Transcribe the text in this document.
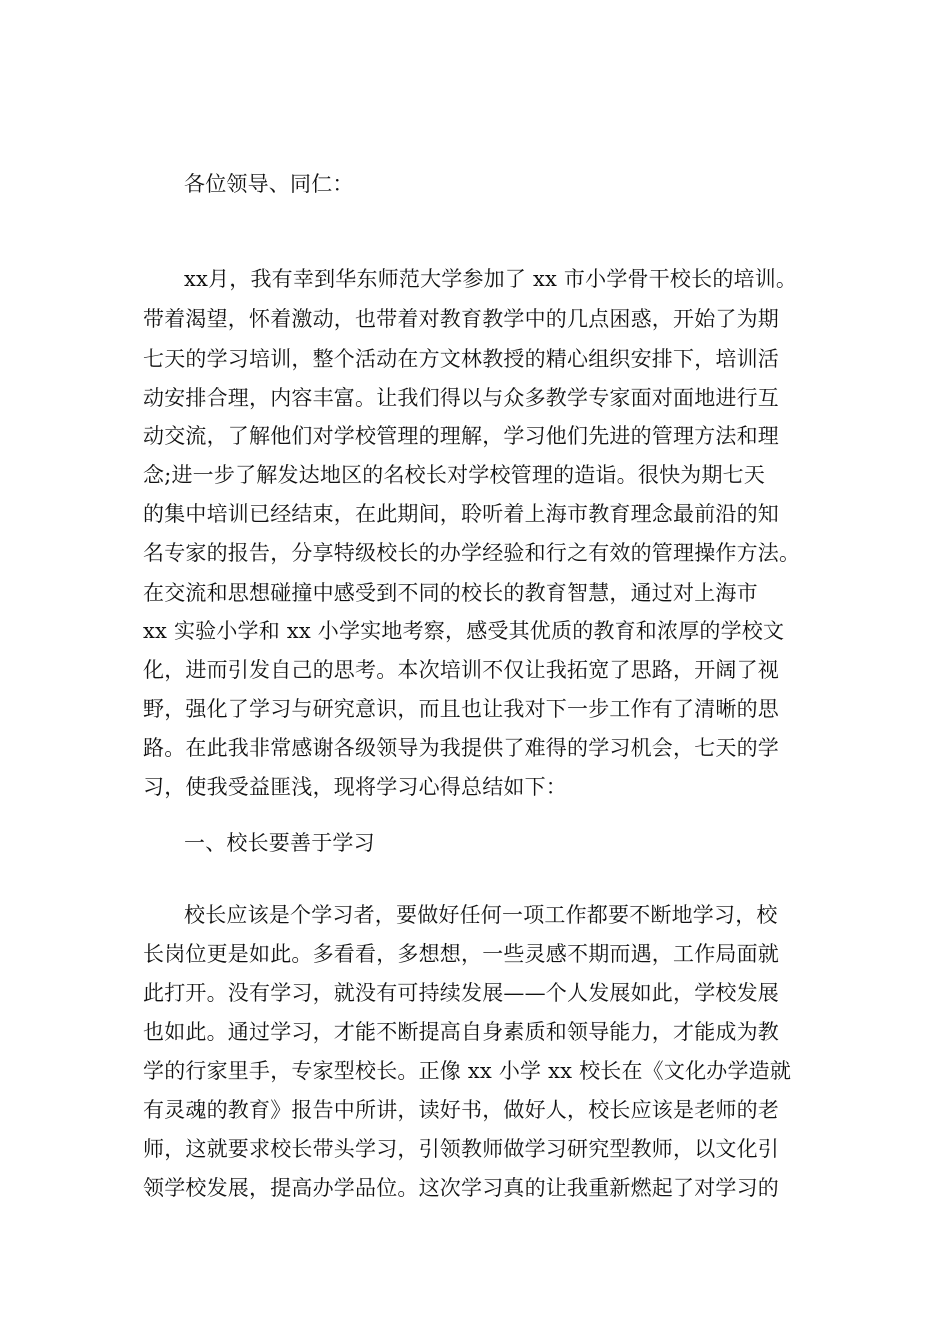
各位领导、同仁：
xx月，我有幸到华东师范大学参加了 xx 市小学骨干校长的培训。
带着渴望，怀着激动，也带着对教育教学中的几点困惑，开始了为期
七天的学习培训，整个活动在方文林教授的精心组织安排下，培训活
动安排合理，内容丰富。让我们得以与众多教学专家面对面地进行互
动交流，了解他们对学校管理的理解，学习他们先进的管理方法和理
念;进一步了解发达地区的名校长对学校管理的造诣。很快为期七天
的集中培训已经结束，在此期间，聆听着上海市教育理念最前沿的知
名专家的报告，分享特级校长的办学经验和行之有效的管理操作方法。
在交流和思想碰撞中感受到不同的校长的教育智慧，通过对上海市
xx 实验小学和 xx 小学实地考察，感受其优质的教育和浓厚的学校文
化，进而引发自己的思考。本次培训不仅让我拓宽了思路，开阔了视
野，强化了学习与研究意识，而且也让我对下一步工作有了清晰的思
路。在此我非常感谢各级领导为我提供了难得的学习机会，七天的学
习，使我受益匪浅，现将学习心得总结如下：
一、校长要善于学习
校长应该是个学习者，要做好任何一项工作都要不断地学习，校
长岗位更是如此。多看看，多想想，一些灵感不期而遇，工作局面就
此打开。没有学习，就没有可持续发展——个人发展如此，学校发展
也如此。通过学习，才能不断提高自身素质和领导能力，才能成为教
学的行家里手，专家型校长。正像 xx 小学 xx 校长在《文化办学造就
有灵魂的教育》报告中所讲，读好书，做好人，校长应该是老师的老
师，这就要求校长带头学习，引领教师做学习研究型教师，以文化引
领学校发展，提高办学品位。这次学习真的让我重新燃起了对学习的
